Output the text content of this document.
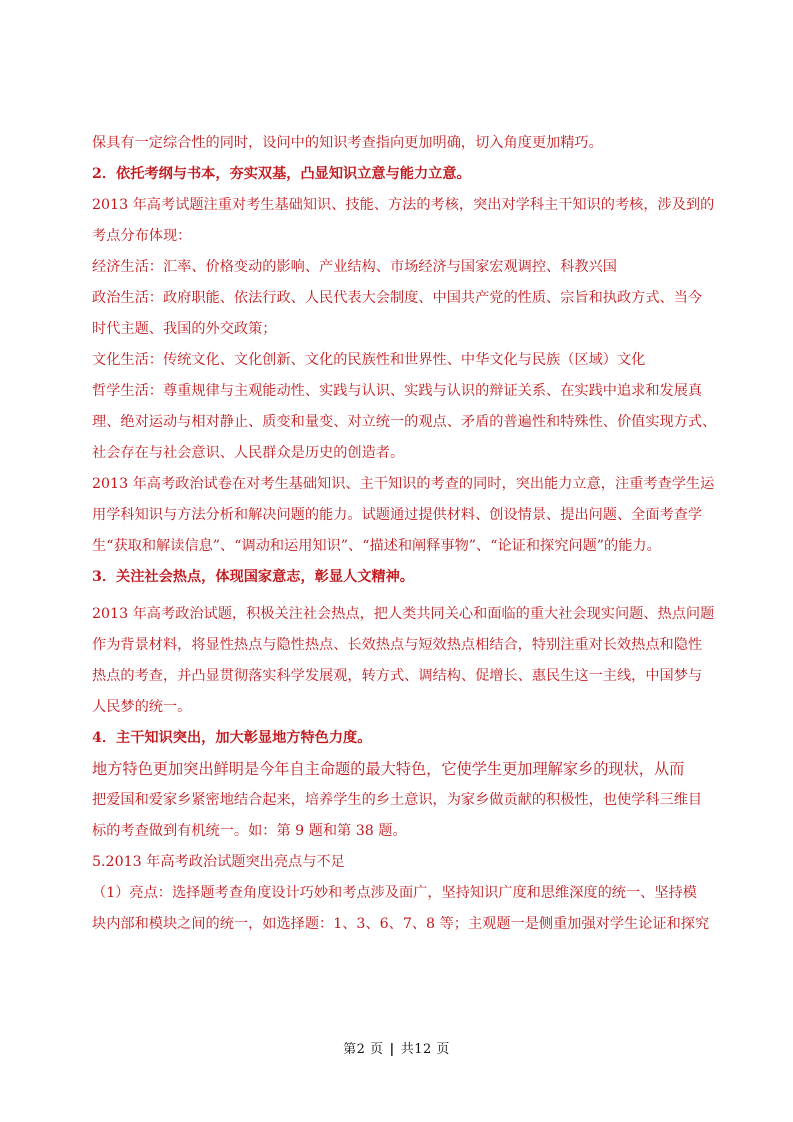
保具有一定综合性的同时，设问中的知识考查指向更加明确，切入角度更加精巧。
2．依托考纲与书本，夯实双基，凸显知识立意与能力立意。
2013 年高考试题注重对考生基础知识、技能、方法的考核，突出对学科主干知识的考核，涉及到的
考点分布体现：
经济生活：汇率、价格变动的影响、产业结构、市场经济与国家宏观调控、科教兴国
政治生活：政府职能、依法行政、人民代表大会制度、中国共产党的性质、宗旨和执政方式、当今
时代主题、我国的外交政策；
文化生活：传统文化、文化创新、文化的民族性和世界性、中华文化与民族（区域）文化
哲学生活：尊重规律与主观能动性、实践与认识、实践与认识的辩证关系、在实践中追求和发展真
理、绝对运动与相对静止、质变和量变、对立统一的观点、矛盾的普遍性和特殊性、价值实现方式、
社会存在与社会意识、人民群众是历史的创造者。
2013 年高考政治试卷在对考生基础知识、主干知识的考查的同时，突出能力立意，注重考查学生运
用学科知识与方法分析和解决问题的能力。试题通过提供材料、创设情景、提出问题、全面考查学
生“获取和解读信息”、“调动和运用知识”、“描述和阐释事物”、“论证和探究问题”的能力。
3．关注社会热点，体现国家意志，彰显人文精神。
2013 年高考政治试题，积极关注社会热点，把人类共同关心和面临的重大社会现实问题、热点问题
作为背景材料，将显性热点与隐性热点、长效热点与短效热点相结合，特别注重对长效热点和隐性
热点的考查，并凸显贯彻落实科学发展观，转方式、调结构、促增长、惠民生这一主线，中国梦与
人民梦的统一。
4．主干知识突出，加大彰显地方特色力度。
地方特色更加突出鲜明是今年自主命题的最大特色，它使学生更加理解家乡的现状，从而
把爱国和爱家乡紧密地结合起来，培养学生的乡土意识，为家乡做贡献的积极性，也使学科三维目
标的考查做到有机统一。如：第 9 题和第 38 题。
5.2013 年高考政治试题突出亮点与不足
（1）亮点：选择题考查角度设计巧妙和考点涉及面广，坚持知识广度和思维深度的统一、坚持模
块内部和模块之间的统一，如选择题：1、3、6、7、8 等；主观题一是侧重加强对学生论证和探究
第2 页 | 共12 页
